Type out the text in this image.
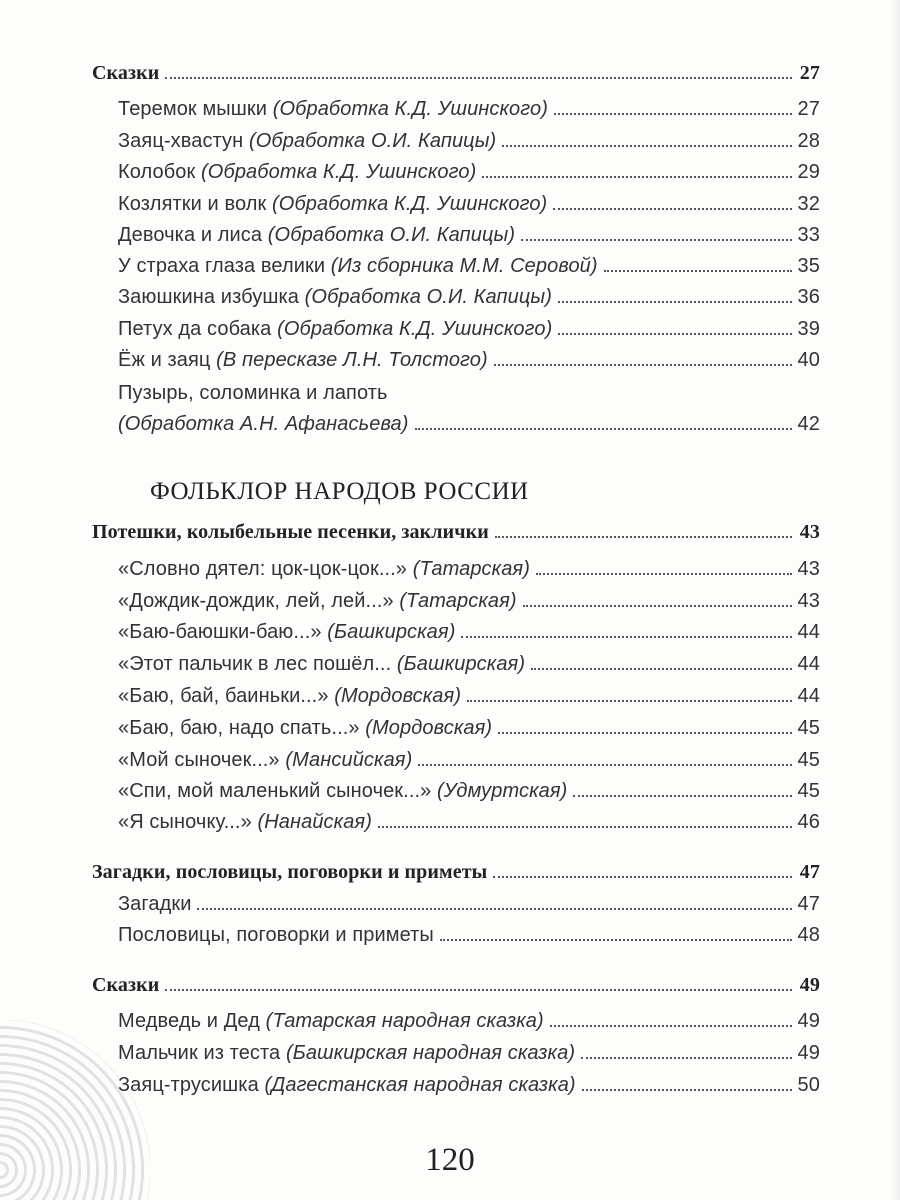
Сказки	27
Теремок мышки (Обработка К.Д. Ушинского)	27
Заяц-хвастун (Обработка О.И. Капицы)	28
Колобок (Обработка К.Д. Ушинского)	29
Козлятки и волк (Обработка К.Д. Ушинского)	32
Девочка и лиса (Обработка О.И. Капицы)	33
У страха глаза велики (Из сборника М.М. Серовой)	35
Заюшкина избушка (Обработка О.И. Капицы)	36
Петух да собака (Обработка К.Д. Ушинского)	39
Ёж и заяц (В пересказе Л.Н. Толстого)	40
Пузырь, соломинка и лапоть
(Обработка А.Н. Афанасьева)	42
Потешки, колыбельные песенки, заклички	43
«Словно дятел: цок-цок-цок...» (Татарская)	43
«Дождик-дождик, лей, лей...» (Татарская)	43
«Баю-баюшки-баю...» (Башкирская)	44
«Этот пальчик в лес пошёл... (Башкирская)	44
«Баю, бай, баиньки...» (Мордовская)	44
«Баю, баю, надо спать...» (Мордовская)	45
«Мой сыночек...» (Мансийская)	45
«Спи, мой маленький сыночек...» (Удмуртская)	45
«Я сыночку...» (Нанайская)	46
Загадки, пословицы, поговорки и приметы	47
Загадки	47
Пословицы, поговорки и приметы	48
Сказки	49
Медведь и Дед (Татарская народная сказка)	49
Мальчик из теста (Башкирская народная сказка)	49
Заяц-трусишка (Дагестанская народная сказка)	50
ФОЛЬКЛОР НАРОДОВ РОССИИ
120
